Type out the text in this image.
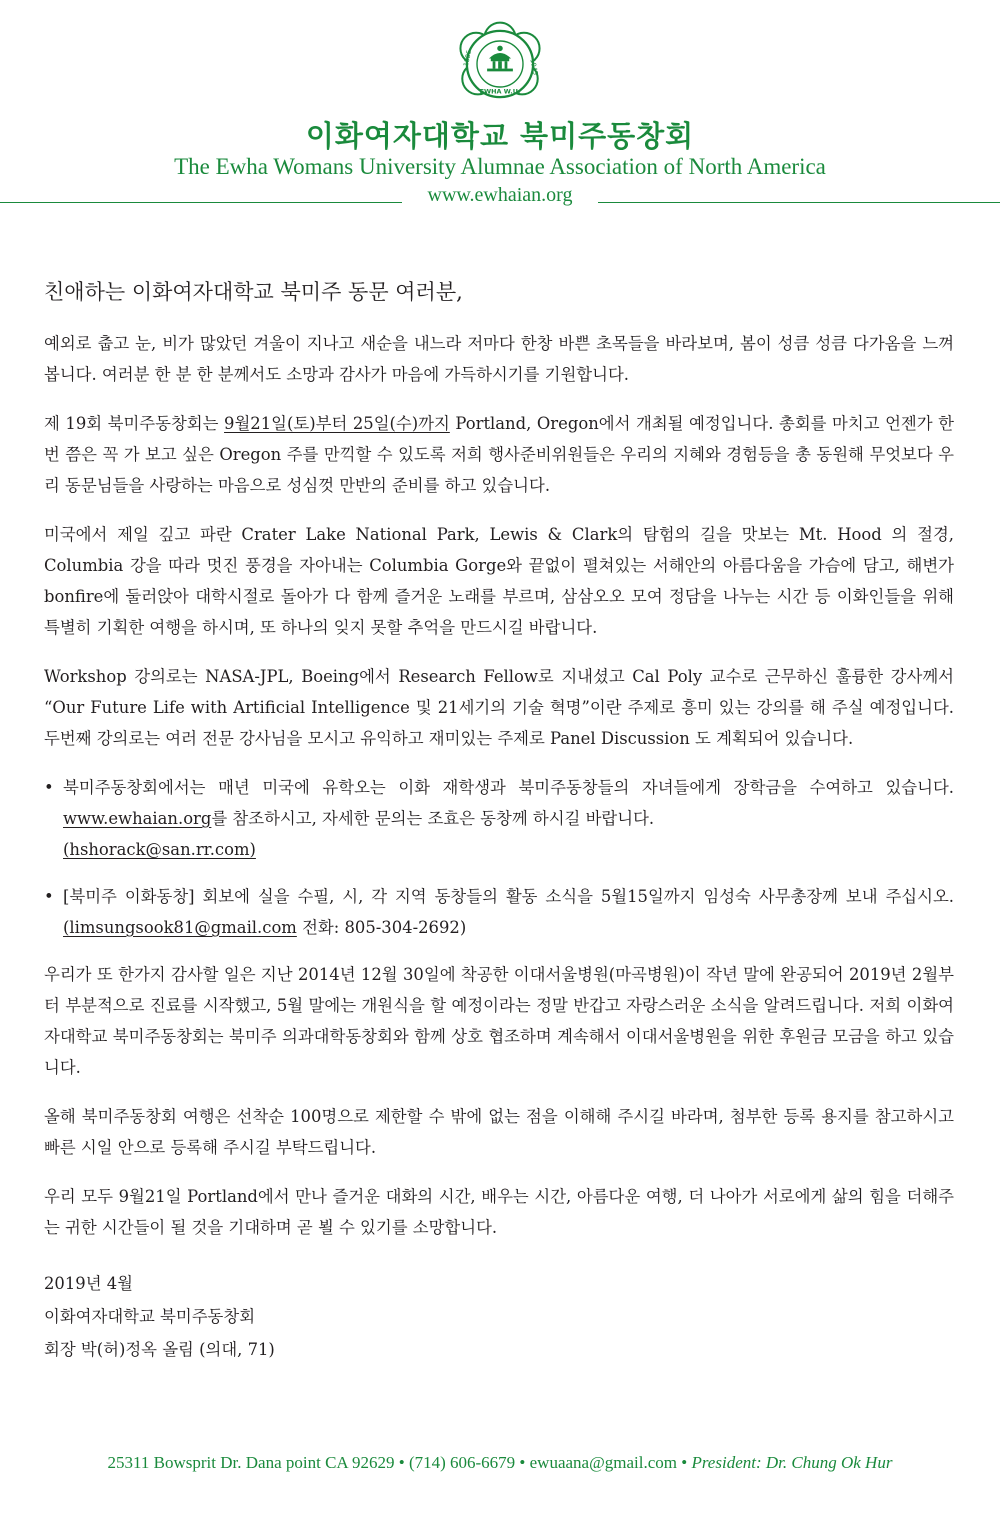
1886	1945
EWHA W.U.
이화여자대학교 북미주동창회
The Ewha Womans University Alumnae Association of North America
www.ewhaian.org
친애하는 이화여자대학교 북미주 동문 여러분,

예외로 춥고 눈, 비가 많았던 겨울이 지나고 새순을 내느라 저마다 한창 바쁜 초목들을 바라보며, 봄이 성큼 성큼 다가옴을 느껴봅니다. 여러분 한 분 한 분께서도 소망과 감사가 마음에 가득하시기를 기원합니다.

제 19회 북미주동창회는 9월21일(토)부터 25일(수)까지 Portland, Oregon에서 개최될 예정입니다. 총회를 마치고 언젠가 한 번 쯤은 꼭 가 보고 싶은 Oregon 주를 만끽할 수 있도록 저희 행사준비위원들은 우리의 지혜와 경험등을 총 동원해 무엇보다 우리 동문님들을 사랑하는 마음으로 성심껏 만반의 준비를 하고 있습니다.

미국에서 제일 깊고 파란 Crater Lake National Park, Lewis & Clark의 탐험의 길을 맛보는 Mt. Hood 의 절경, Columbia 강을 따라 멋진 풍경을 자아내는 Columbia Gorge와 끝없이 펼쳐있는 서해안의 아름다움을 가슴에 담고, 해변가 bonfire에 둘러앉아 대학시절로 돌아가 다 함께 즐거운 노래를 부르며, 삼삼오오 모여 정담을 나누는 시간 등 이화인들을 위해 특별히 기획한 여행을 하시며, 또 하나의 잊지 못할 추억을 만드시길 바랍니다.

Workshop 강의로는 NASA-JPL, Boeing에서 Research Fellow로 지내셨고 Cal Poly 교수로 근무하신 훌륭한 강사께서 “Our Future Life with Artificial Intelligence 및 21세기의 기술 혁명”이란 주제로 흥미 있는 강의를 해 주실 예정입니다. 두번째 강의로는 여러 전문 강사님을 모시고 유익하고 재미있는 주제로 Panel Discussion 도 계획되어 있습니다.

• 북미주동창회에서는 매년 미국에 유학오는 이화 재학생과 북미주동창들의 자녀들에게 장학금을 수여하고 있습니다. www.ewhaian.org를 참조하시고, 자세한 문의는 조효은 동창께 하시길 바랍니다.
(hshorack@san.rr.com)
• [북미주 이화동창] 회보에 실을 수필, 시, 각 지역 동창들의 활동 소식을 5월15일까지 임성숙 사무총장께 보내 주십시오. (limsungsook81@gmail.com 전화: 805-304-2692)

우리가 또 한가지 감사할 일은 지난 2014년 12월 30일에 착공한 이대서울병원(마곡병원)이 작년 말에 완공되어 2019년 2월부터 부분적으로 진료를 시작했고, 5월 말에는 개원식을 할 예정이라는 정말 반갑고 자랑스러운 소식을 알려드립니다. 저희 이화여자대학교 북미주동창회는 북미주 의과대학동창회와 함께 상호 협조하며 계속해서 이대서울병원을 위한 후원금 모금을 하고 있습니다.

올해 북미주동창회 여행은 선착순 100명으로 제한할 수 밖에 없는 점을 이해해 주시길 바라며, 첨부한 등록 용지를 참고하시고 빠른 시일 안으로 등록해 주시길 부탁드립니다.

우리 모두 9월21일 Portland에서 만나 즐거운 대화의 시간, 배우는 시간, 아름다운 여행, 더 나아가 서로에게 삶의 힘을 더해주는 귀한 시간들이 될 것을 기대하며 곧 뵐 수 있기를 소망합니다.

2019년 4월
이화여자대학교 북미주동창회
회장 박(허)정옥 올림 (의대, 71)
25311 Bowsprit Dr. Dana point CA 92629 • (714) 606-6679 • ewuaana@gmail.com • President: Dr. Chung Ok Hur
